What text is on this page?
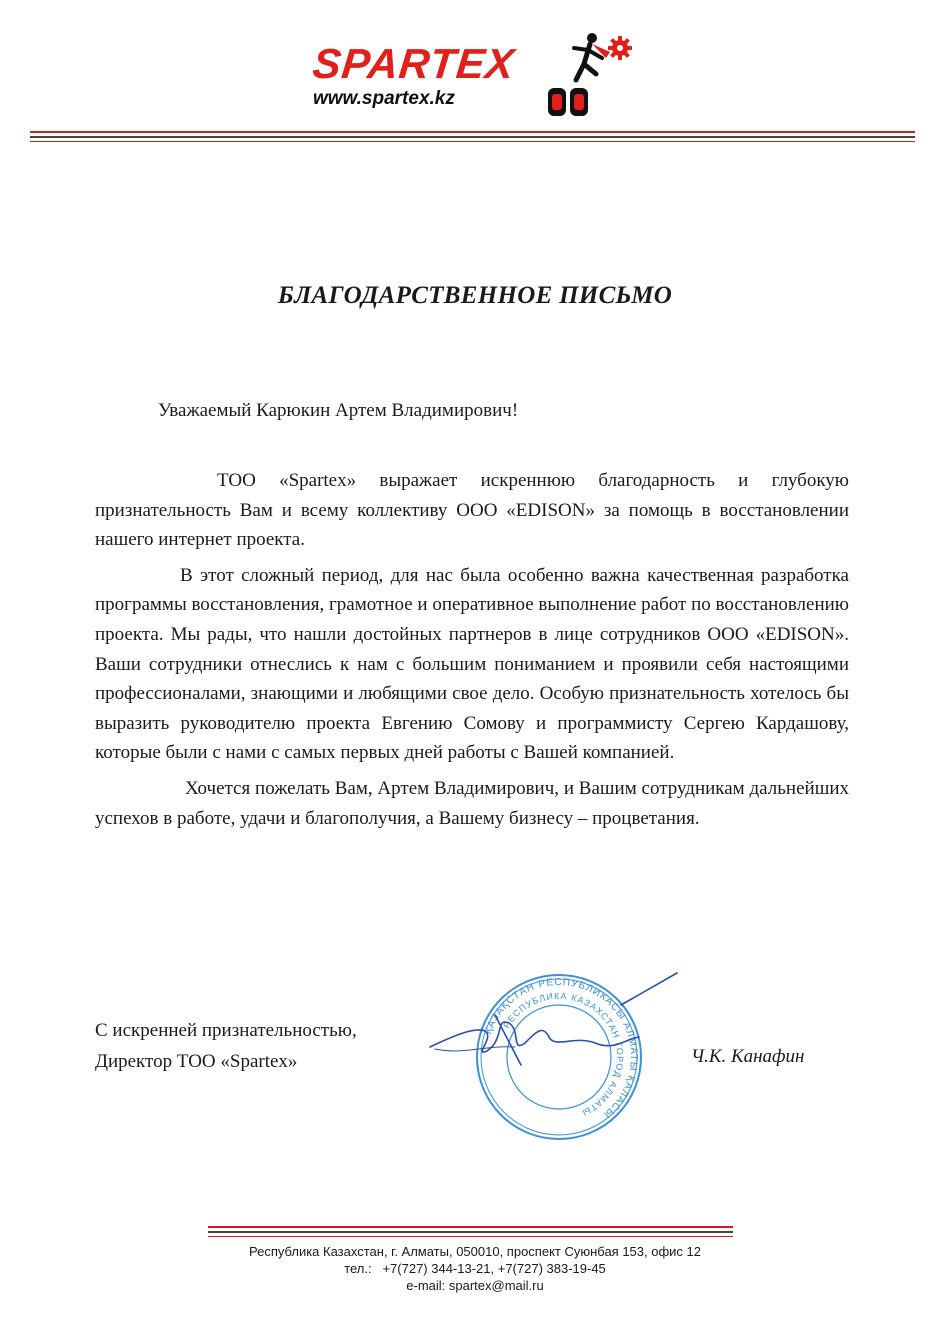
SPARTEX
www.spartex.kz
БЛАГОДАРСТВЕННОЕ ПИСЬМО
Уважаемый Карюкин Артем Владимирович!

ТОО «Spartex» выражает искреннюю благодарность и глубокую признательность Вам и всему коллективу ООО «EDISON» за помощь в восстановлении нашего интернет проекта.

В этот сложный период, для нас была особенно важна качественная разработка программы восстановления, грамотное и оперативное выполнение работ по восстановлению проекта. Мы рады, что нашли достойных партнеров в лице сотрудников ООО «EDISON». Ваши сотрудники отнеслись к нам с большим пониманием и проявили себя настоящими профессионалами, знающими и любящими свое дело. Особую признательность хотелось бы выразить руководителю проекта Евгению Сомову и программисту Сергею Кардашову, которые были с нами с самых первых дней работы с Вашей компанией.

Хочется пожелать Вам, Артем Владимирович, и Вашим сотрудникам дальнейших успехов в работе, удачи и благополучия, а Вашему бизнесу – процветания.

С искренней признательностью,
Директор ТОО «Spartex»
ҚАЗАҚСТАН РЕСПУБЛИКАСЫ АЛМАТЫ ҚАЛАСЫ
РЕСПУБЛИКА КАЗАХСТАН ГОРОД АЛМАТЫ
Ч.К. Канафин
Республика Казахстан, г. Алматы, 050010, проспект Суюнбая 153, офис 12
тел.:   +7(727) 344-13-21, +7(727) 383-19-45
e-mail: spartex@mail.ru
